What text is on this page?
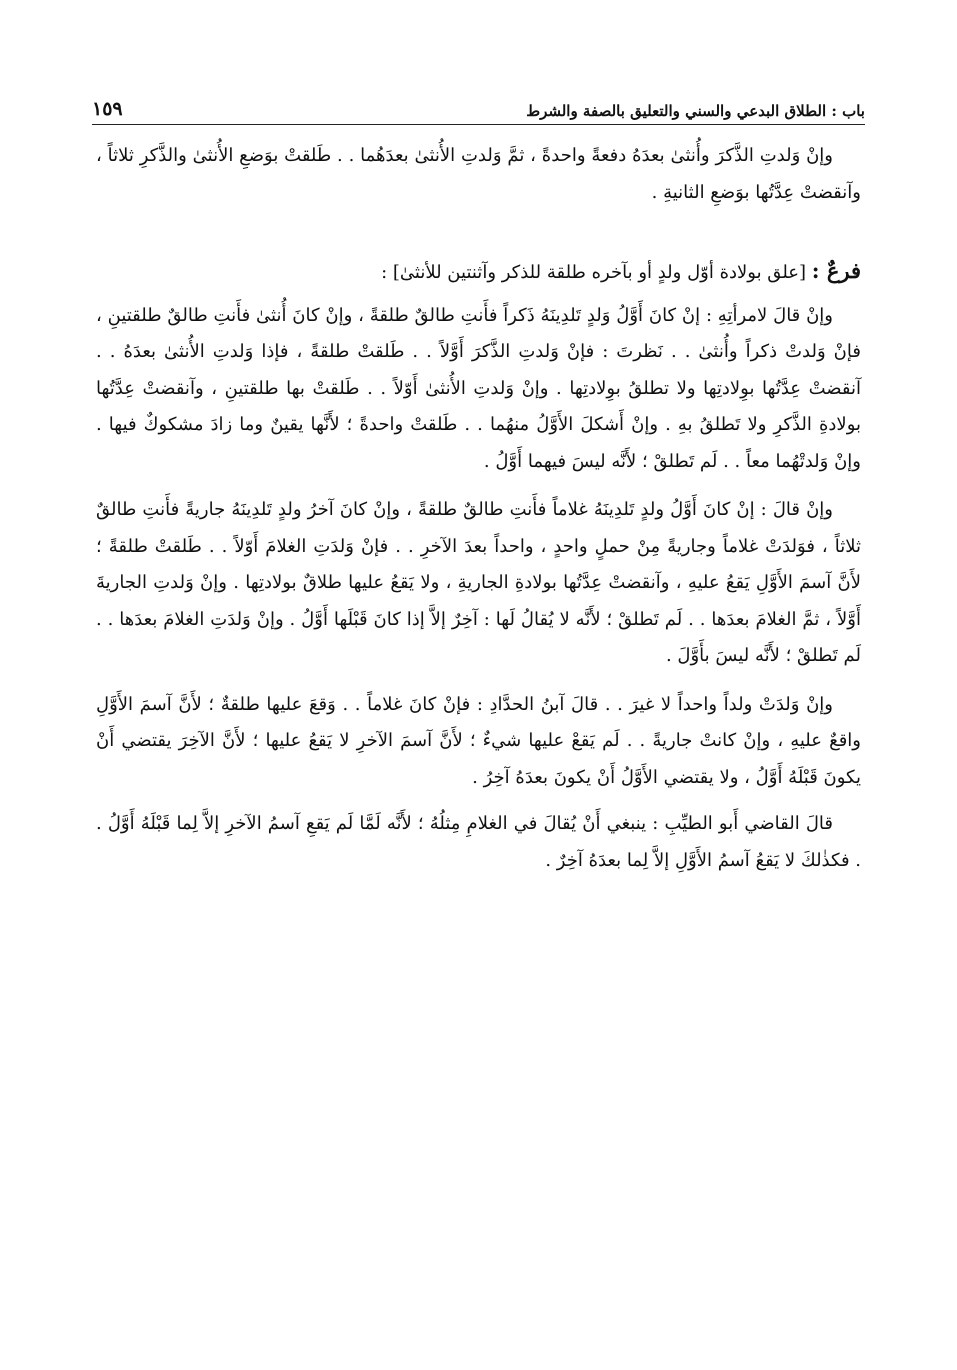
باب : الطلاق البدعي والسني والتعليق بالصفة والشرط
١٥٩

وإنْ وَلدتِ الذَّكرَ وأُنثىٰ بعدَهُ دفعةً واحدةً ، ثمَّ وَلدتِ الأُنثىٰ بعدَهُما . . طَلقتْ بوَضعِ الأُنثىٰ والذَّكرِ ثلاثاً ، وآنقضتْ عِدَّتُها بوَضعِ الثانيةِ .

فرعٌ : [علق بولادة أوّل ولدٍ أو بآخره طلقة للذكر وآثنتين للأنثىٰ] :

وإنْ قالَ لامرأتِهِ : إنْ كانَ أَوَّلُ وَلدٍ تَلدِينَهُ ذَكراً فأَنتِ طالقٌ طلقةً ، وإنْ كانَ أُنثىٰ فأَنتِ طالقٌ طلقتينِ ، فإنْ وَلدتْ ذكراً وأُنثىٰ . . نَظرتَ : فإنْ وَلدتِ الذَّكرَ أَوَّلاً . . طَلقتْ طلقةً ، فإذا وَلدتِ الأُنثىٰ بعدَهُ . . آنقضتْ عِدَّتُها بوِلادتِها ولا تطلقُ بوِلادتِها . وإنْ وَلدتِ الأُنثىٰ أَوّلاً . . طَلقتْ بها طلقتينِ ، وآنقضتْ عِدَّتُها بولادةِ الذَّكرِ ولا تَطلقُ بهِ . وإنْ أَشكلَ الأَوَّلُ منهُما . . طَلقتْ واحدةً ؛ لأَنَّها يقينٌ وما زادَ مشكوكٌ فيها . وإنْ وَلدتْهُما معاً . . لَم تَطلقْ ؛ لأَنَّه ليسَ فيهما أَوَّلُ .

وإنْ قالَ : إنْ كانَ أَوَّلُ ولدٍ تَلدِينَهُ غلاماً فأَنتِ طالقٌ طلقةً ، وإنْ كانَ آخرُ ولدٍ تَلدِينَهُ جاريةً فأَنتِ طالقٌ ثلاثاً ، فوَلدَتْ غلاماً وجاريةً مِنْ حملٍ واحدٍ ، واحداً بعدَ الآخرِ . . فإنْ وَلدَتِ الغلامَ أَوّلاً . . طَلقتْ طلقةً ؛ لأَنَّ آسمَ الأَوَّلِ يَقعُ عليهِ ، وآنقضتْ عِدَّتُها بولادةِ الجاريةِ ، ولا يَقعُ عليها طلاقٌ بولادتِها . وإنْ وَلدتِ الجاريةَ أَوَّلاً ، ثمَّ الغلامَ بعدَها . . لَم تَطلقْ ؛ لأَنَّه لا يُقالُ لَها : آخِرٌ إلاَّ إذا كانَ قَبْلَها أَوَّلُ . وإنْ وَلدَتِ الغلامَ بعدَها . . لَم تَطلقْ ؛ لأَنَّه ليسَ بأَوَّلَ .

وإنْ وَلدَتْ ولداً واحداً لا غيرَ . . قالَ آبنُ الحدَّادِ : فإنْ كانَ غلاماً . . وَقعَ عليها طلقةٌ ؛ لأَنَّ آسمَ الأَوَّلِ واقعٌ عليهِ ، وإنْ كانتْ جاريةً . . لَم يَقعْ عليها شيءٌ ؛ لأَنَّ آسمَ الآخرِ لا يَقعُ عليها ؛ لأَنَّ الآخِرَ يقتضي أَنْ يكونَ قَبْلَهُ أَوَّلُ ، ولا يقتضي الأَوَّلُ أَنْ يكونَ بعدَهُ آخِرُ .

قالَ القاضي أَبو الطيِّبِ : ينبغي أَنْ يُقالَ في الغلامِ مِثلُهُ ؛ لأَنَّه لَمَّا لَم يَقعِ آسمُ الآخرِ إلاَّ لِما قَبْلَهُ أَوَّلُ . . فكذٰلكَ لا يَقعُ آسمُ الأَوَّلِ إلاَّ لِما بعدَهُ آخِرٌ .
